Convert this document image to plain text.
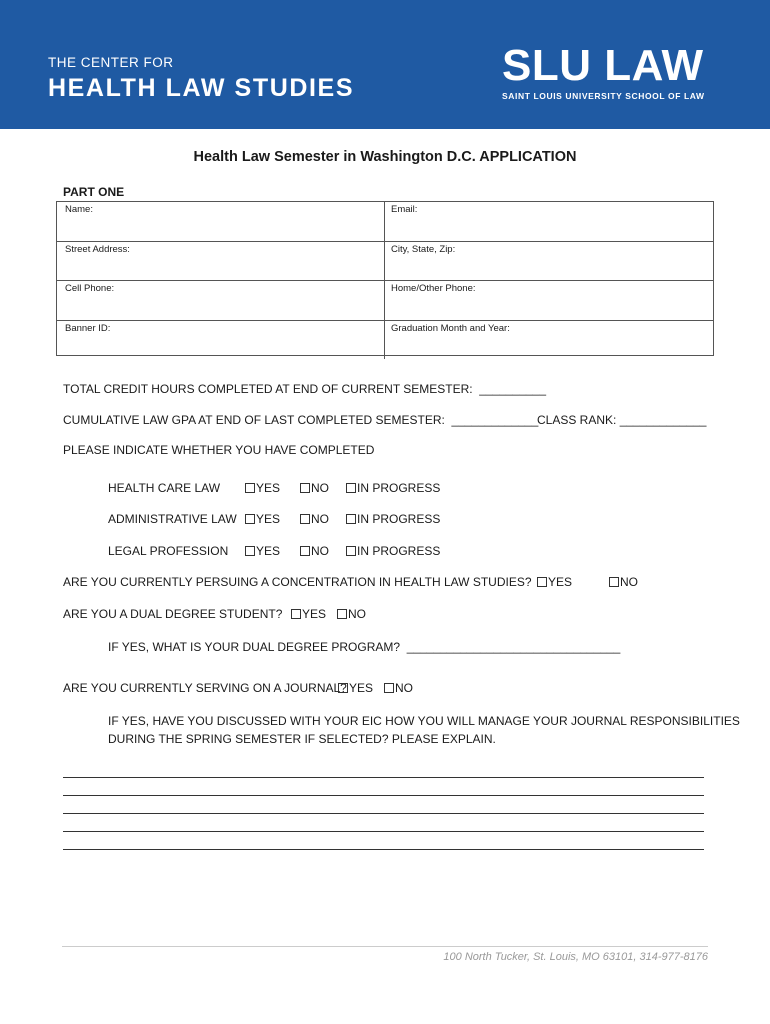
THE CENTER FOR
HEALTH LAW STUDIES	SLU LAW
SAINT LOUIS UNIVERSITY SCHOOL OF LAW
Health Law Semester in Washington D.C. APPLICATION
PART ONE
Name:	Email:
Street Address:	City, State, Zip:
Cell Phone:	Home/Other Phone:
Banner ID:	Graduation Month and Year:
TOTAL CREDIT HOURS COMPLETED AT END OF CURRENT SEMESTER:  __________
CUMULATIVE LAW GPA AT END OF LAST COMPLETED SEMESTER:  _____________
CLASS RANK: _____________
PLEASE INDICATE WHETHER YOU HAVE COMPLETED
HEALTH CARE LAW	YES	NO	IN PROGRESS
ADMINISTRATIVE LAW	YES	NO	IN PROGRESS
LEGAL PROFESSION	YES	NO	IN PROGRESS
ARE YOU CURRENTLY PERSUING A CONCENTRATION IN HEALTH LAW STUDIES?	YES	NO
ARE YOU A DUAL DEGREE STUDENT?	YES	NO
IF YES, WHAT IS YOUR DUAL DEGREE PROGRAM?  ________________________________
ARE YOU CURRENTLY SERVING ON A JOURNAL? YES	NO
IF YES, HAVE YOU DISCUSSED WITH YOUR EIC HOW YOU WILL MANAGE YOUR JOURNAL RESPONSIBILITIES
DURING THE SPRING SEMESTER IF SELECTED? PLEASE EXPLAIN.
100 North Tucker, St. Louis, MO 63101, 314-977-8176
